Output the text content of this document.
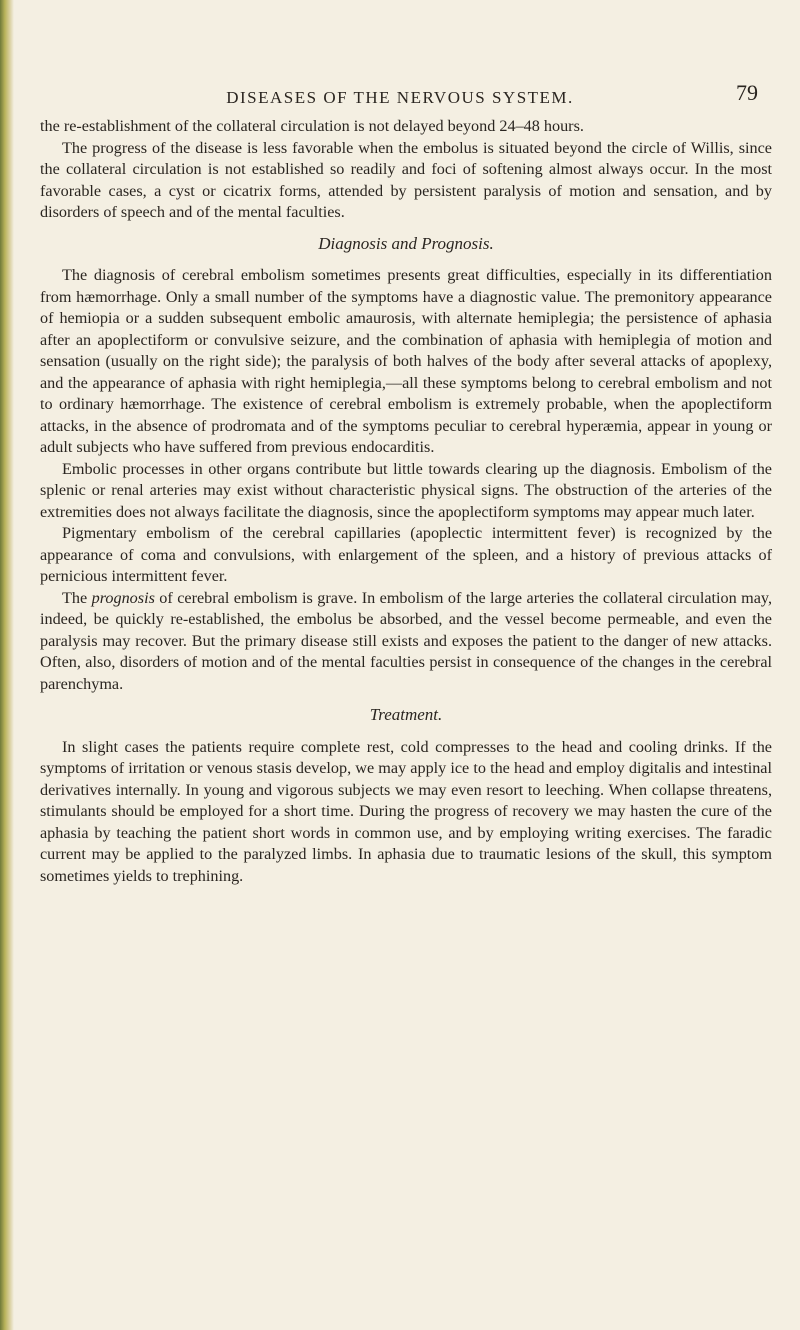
DISEASES OF THE NERVOUS SYSTEM.	79

the re-establishment of the collateral circulation is not delayed beyond 24–48 hours.

The progress of the disease is less favorable when the embolus is situated beyond the circle of Willis, since the collateral circulation is not established so readily and foci of softening almost always occur. In the most favorable cases, a cyst or cicatrix forms, attended by persistent paralysis of motion and sensation, and by disorders of speech and of the mental faculties.

Diagnosis and Prognosis.

The diagnosis of cerebral embolism sometimes presents great difficulties, especially in its differentiation from hæmorrhage. Only a small number of the symptoms have a diagnostic value. The premonitory appearance of hemiopia or a sudden subsequent embolic amaurosis, with alternate hemiplegia; the persistence of aphasia after an apoplectiform or convulsive seizure, and the combination of aphasia with hemiplegia of motion and sensation (usually on the right side); the paralysis of both halves of the body after several attacks of apoplexy, and the appearance of aphasia with right hemiplegia,—all these symptoms belong to cerebral embolism and not to ordinary hæmorrhage. The existence of cerebral embolism is extremely probable, when the apoplectiform attacks, in the absence of prodromata and of the symptoms peculiar to cerebral hyperæmia, appear in young or adult subjects who have suffered from previous endocarditis.

Embolic processes in other organs contribute but little towards clearing up the diagnosis. Embolism of the splenic or renal arteries may exist without characteristic physical signs. The obstruction of the arteries of the extremities does not always facilitate the diagnosis, since the apoplectiform symptoms may appear much later.

Pigmentary embolism of the cerebral capillaries (apoplectic intermittent fever) is recognized by the appearance of coma and convulsions, with enlargement of the spleen, and a history of previous attacks of pernicious intermittent fever.

The prognosis of cerebral embolism is grave. In embolism of the large arteries the collateral circulation may, indeed, be quickly re-established, the embolus be absorbed, and the vessel become permeable, and even the paralysis may recover. But the primary disease still exists and exposes the patient to the danger of new attacks. Often, also, disorders of motion and of the mental faculties persist in consequence of the changes in the cerebral parenchyma.

Treatment.

In slight cases the patients require complete rest, cold compresses to the head and cooling drinks. If the symptoms of irritation or venous stasis develop, we may apply ice to the head and employ digitalis and intestinal derivatives internally. In young and vigorous subjects we may even resort to leeching. When collapse threatens, stimulants should be employed for a short time. During the progress of recovery we may hasten the cure of the aphasia by teaching the patient short words in common use, and by employing writing exercises. The faradic current may be applied to the paralyzed limbs. In aphasia due to traumatic lesions of the skull, this symptom sometimes yields to trephining.
